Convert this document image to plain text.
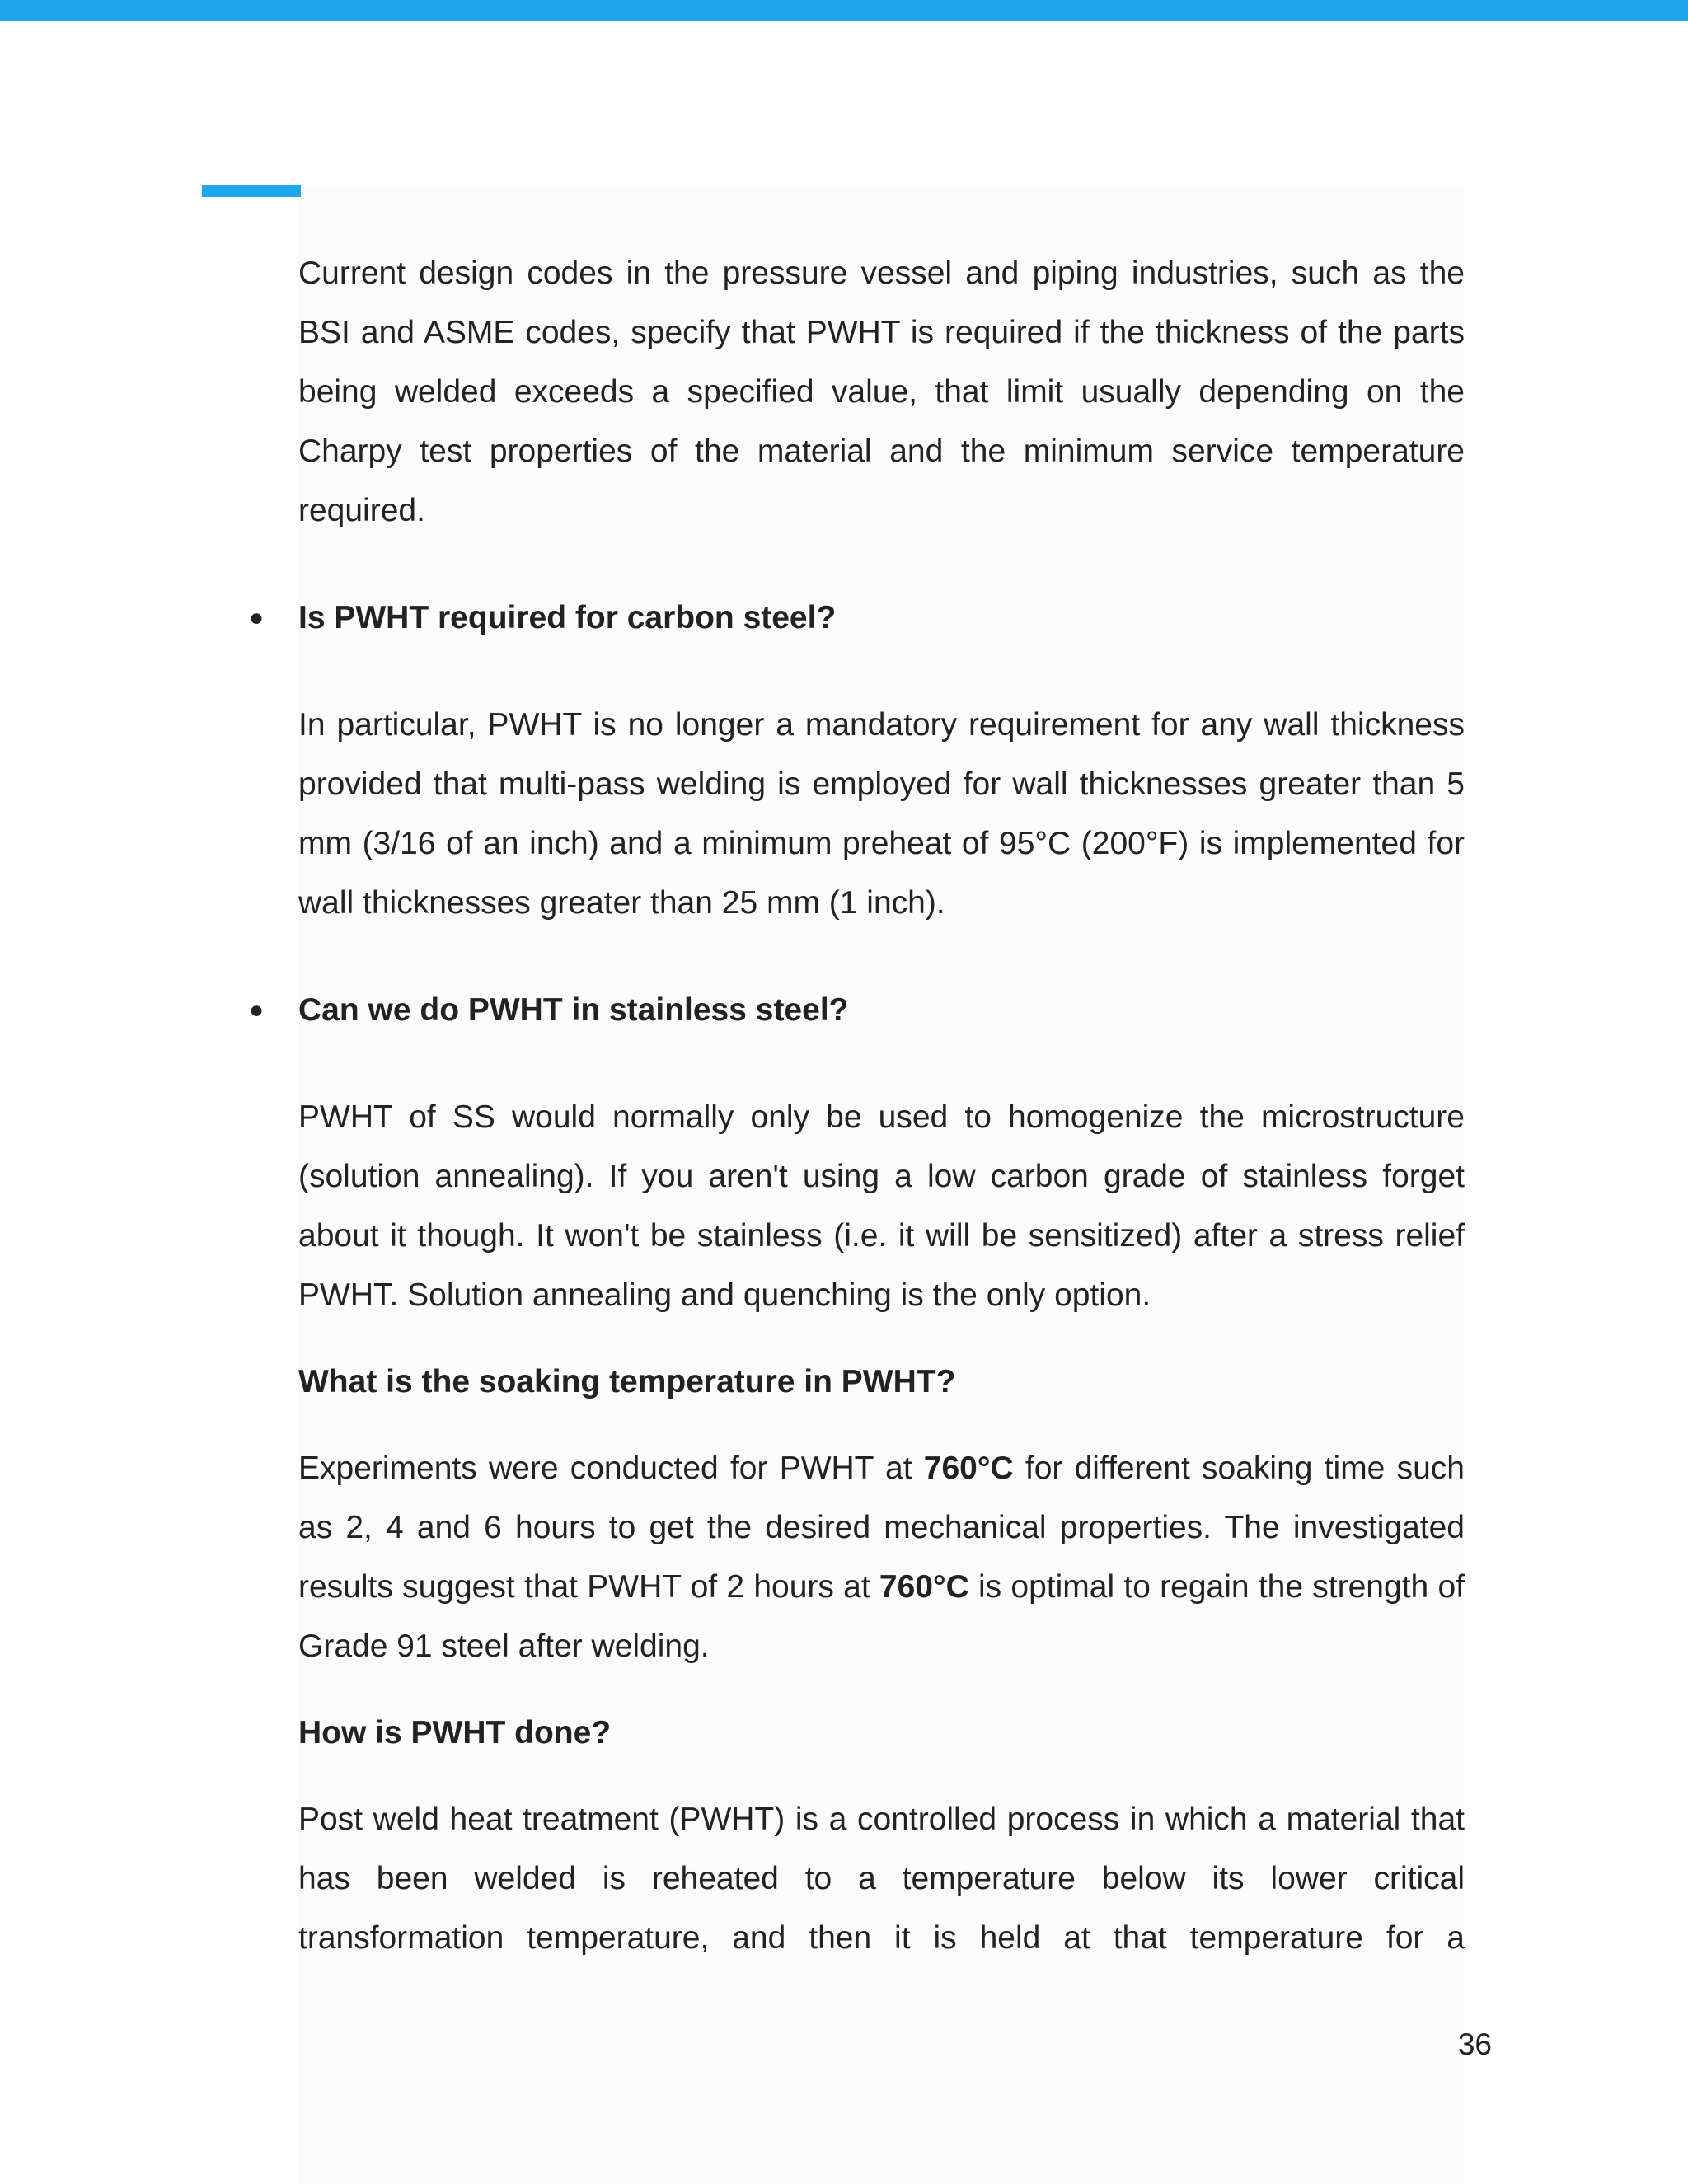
Current design codes in the pressure vessel and piping industries, such as the BSI and ASME codes, specify that PWHT is required if the thickness of the parts being welded exceeds a specified value, that limit usually depending on the Charpy test properties of the material and the minimum service temperature required.

● Is PWHT required for carbon steel?

In particular, PWHT is no longer a mandatory requirement for any wall thickness provided that multi-pass welding is employed for wall thicknesses greater than 5 mm (3/16 of an inch) and a minimum preheat of 95°C (200°F) is implemented for wall thicknesses greater than 25 mm (1 inch).

● Can we do PWHT in stainless steel?

PWHT of SS would normally only be used to homogenize the microstructure (solution annealing). If you aren't using a low carbon grade of stainless forget about it though. It won't be stainless (i.e. it will be sensitized) after a stress relief PWHT. Solution annealing and quenching is the only option.

What is the soaking temperature in PWHT?

Experiments were conducted for PWHT at 760°C for different soaking time such as 2, 4 and 6 hours to get the desired mechanical properties. The investigated results suggest that PWHT of 2 hours at 760°C is optimal to regain the strength of Grade 91 steel after welding.

How is PWHT done?

Post weld heat treatment (PWHT) is a controlled process in which a material that has been welded is reheated to a temperature below its lower critical transformation temperature, and then it is held at that temperature for a

36
